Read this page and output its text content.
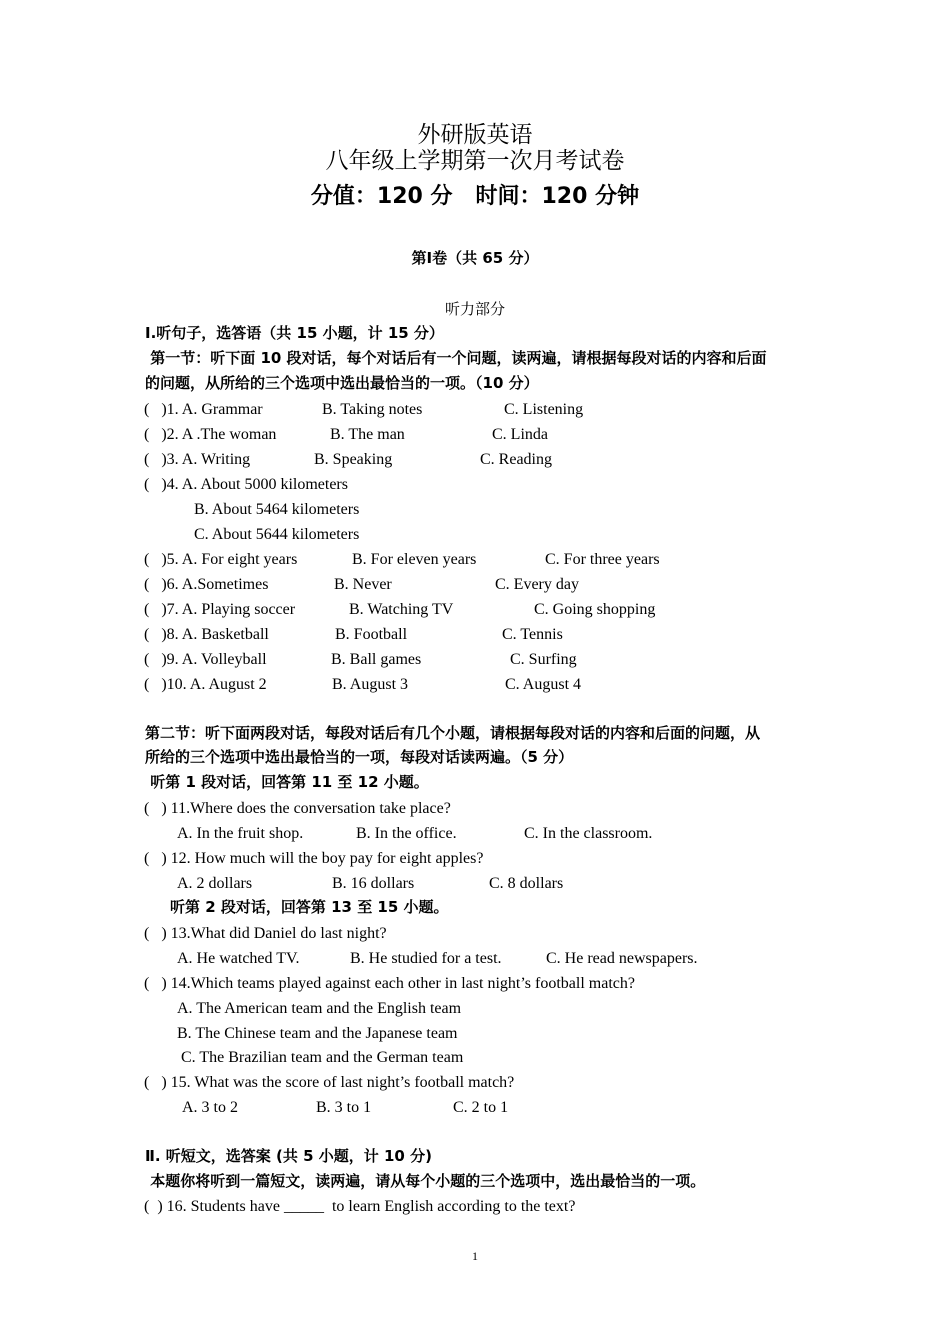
外研版英语
八年级上学期第一次月考试卷
分值：120 分   时间：120 分钟
第Ⅰ卷（共 65 分）
听力部分
Ⅰ.听句子，选答语（共 15 小题，计 15 分）
第一节：听下面 10 段对话，每个对话后有一个问题，读两遍，请根据每段对话的内容和后面
的问题，从所给的三个选项中选出最恰当的一项。（10 分）
(   )1. A. Grammar	B. Taking notes	C. Listening
(   )2. A .The woman	B. The man	C. Linda
(   )3. A. Writing	B. Speaking	C. Reading
(   )4. A. About 5000 kilometers
B. About 5464 kilometers
C. About 5644 kilometers
(   )5. A. For eight years	B. For eleven years	C. For three years
(   )6. A.Sometimes	B. Never	C. Every day
(   )7. A. Playing soccer	B. Watching TV	C. Going shopping
(   )8. A. Basketball	B. Football	C. Tennis
(   )9. A. Volleyball	B. Ball games	C. Surfing
(   )10. A. August 2	B. August 3	C. August 4
第二节：听下面两段对话，每段对话后有几个小题，请根据每段对话的内容和后面的问题，从
所给的三个选项中选出最恰当的一项，每段对话读两遍。（5 分）
听第 1 段对话，回答第 11 至 12 小题。
(   ) 11.Where does the conversation take place?
A. In the fruit shop.	B. In the office.	C. In the classroom.
(   ) 12. How much will the boy pay for eight apples?
A. 2 dollars	B. 16 dollars	C. 8 dollars
听第 2 段对话，回答第 13 至 15 小题。
(   ) 13.What did Daniel do last night?
A. He watched TV.	B. He studied for a test.	C. He read newspapers.
(   ) 14.Which teams played against each other in last night’s football match?
A. The American team and the English team
B. The Chinese team and the Japanese team
C. The Brazilian team and the German team
(   ) 15. What was the score of last night’s football match?
A. 3 to 2	B. 3 to 1	C. 2 to 1
Ⅱ. 听短文，选答案 (共 5 小题，计 10 分)
本题你将听到一篇短文，读两遍，请从每个小题的三个选项中，选出最恰当的一项。
(  ) 16. Students have _____  to learn English according to the text?
1
